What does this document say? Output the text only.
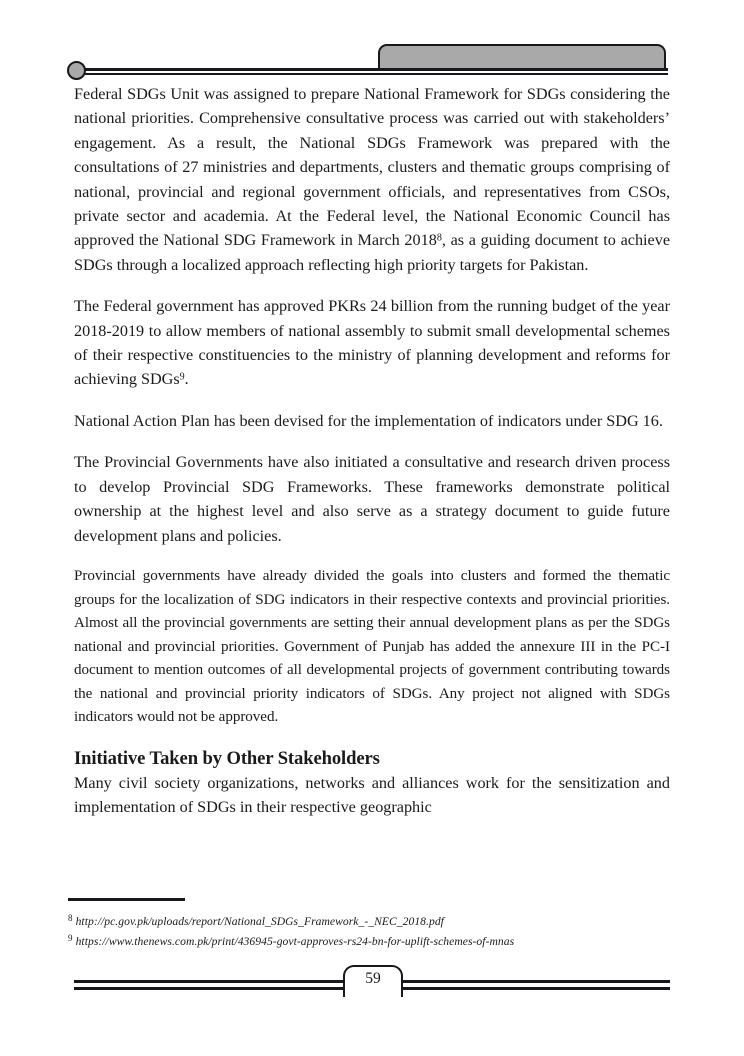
Federal SDGs Unit was assigned to prepare National Framework for SDGs considering the national priorities. Comprehensive consultative process was carried out with stakeholders’ engagement. As a result, the National SDGs Framework was prepared with the consultations of 27 ministries and departments, clusters and thematic groups comprising of national, provincial and regional government officials, and representatives from CSOs, private sector and academia. At the Federal level, the National Economic Council has approved the National SDG Framework in March 2018$^8$, as a guiding document to achieve SDGs through a localized approach reflecting high priority targets for Pakistan.

The Federal government has approved PKRs 24 billion from the running budget of the year 2018-2019 to allow members of national assembly to submit small developmental schemes of their respective constituencies to the ministry of planning development and reforms for achieving SDGs$^9$.

National Action Plan has been devised for the implementation of indicators under SDG 16.

The Provincial Governments have also initiated a consultative and research driven process to develop Provincial SDG Frameworks. These frameworks demonstrate political ownership at the highest level and also serve as a strategy document to guide future development plans and policies.

Provincial governments have already divided the goals into clusters and formed the thematic groups for the localization of SDG indicators in their respective contexts and provincial priorities. Almost all the provincial governments are setting their annual development plans as per the SDGs national and provincial priorities. Government of Punjab has added the annexure III in the PC-I document to mention outcomes of all developmental projects of government contributing towards the national and provincial priority indicators of SDGs. Any project not aligned with SDGs indicators would not be approved.

Initiative Taken by Other Stakeholders

Many civil society organizations, networks and alliances work for the sensitization and implementation of SDGs in their respective geographic

$^8$ http://pc.gov.pk/uploads/report/National_SDGs_Framework_-_NEC_2018.pdf
$^9$ https://www.thenews.com.pk/print/436945-govt-approves-rs24-bn-for-uplift-schemes-of-mnas
59
